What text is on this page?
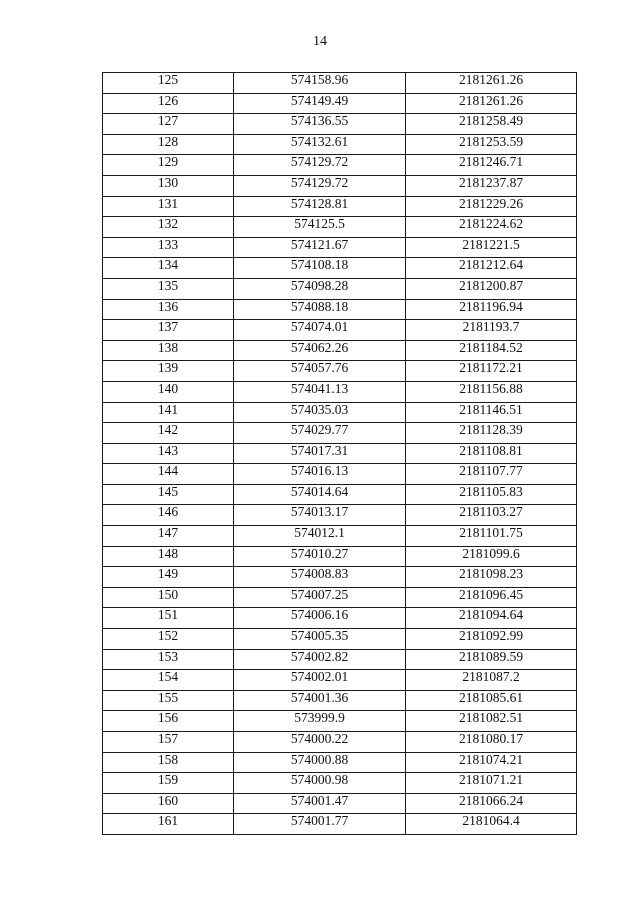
14
125	574158.96	2181261.26
126	574149.49	2181261.26
127	574136.55	2181258.49
128	574132.61	2181253.59
129	574129.72	2181246.71
130	574129.72	2181237.87
131	574128.81	2181229.26
132	574125.5	2181224.62
133	574121.67	2181221.5
134	574108.18	2181212.64
135	574098.28	2181200.87
136	574088.18	2181196.94
137	574074.01	2181193.7
138	574062.26	2181184.52
139	574057.76	2181172.21
140	574041.13	2181156.88
141	574035.03	2181146.51
142	574029.77	2181128.39
143	574017.31	2181108.81
144	574016.13	2181107.77
145	574014.64	2181105.83
146	574013.17	2181103.27
147	574012.1	2181101.75
148	574010.27	2181099.6
149	574008.83	2181098.23
150	574007.25	2181096.45
151	574006.16	2181094.64
152	574005.35	2181092.99
153	574002.82	2181089.59
154	574002.01	2181087.2
155	574001.36	2181085.61
156	573999.9	2181082.51
157	574000.22	2181080.17
158	574000.88	2181074.21
159	574000.98	2181071.21
160	574001.47	2181066.24
161	574001.77	2181064.4
